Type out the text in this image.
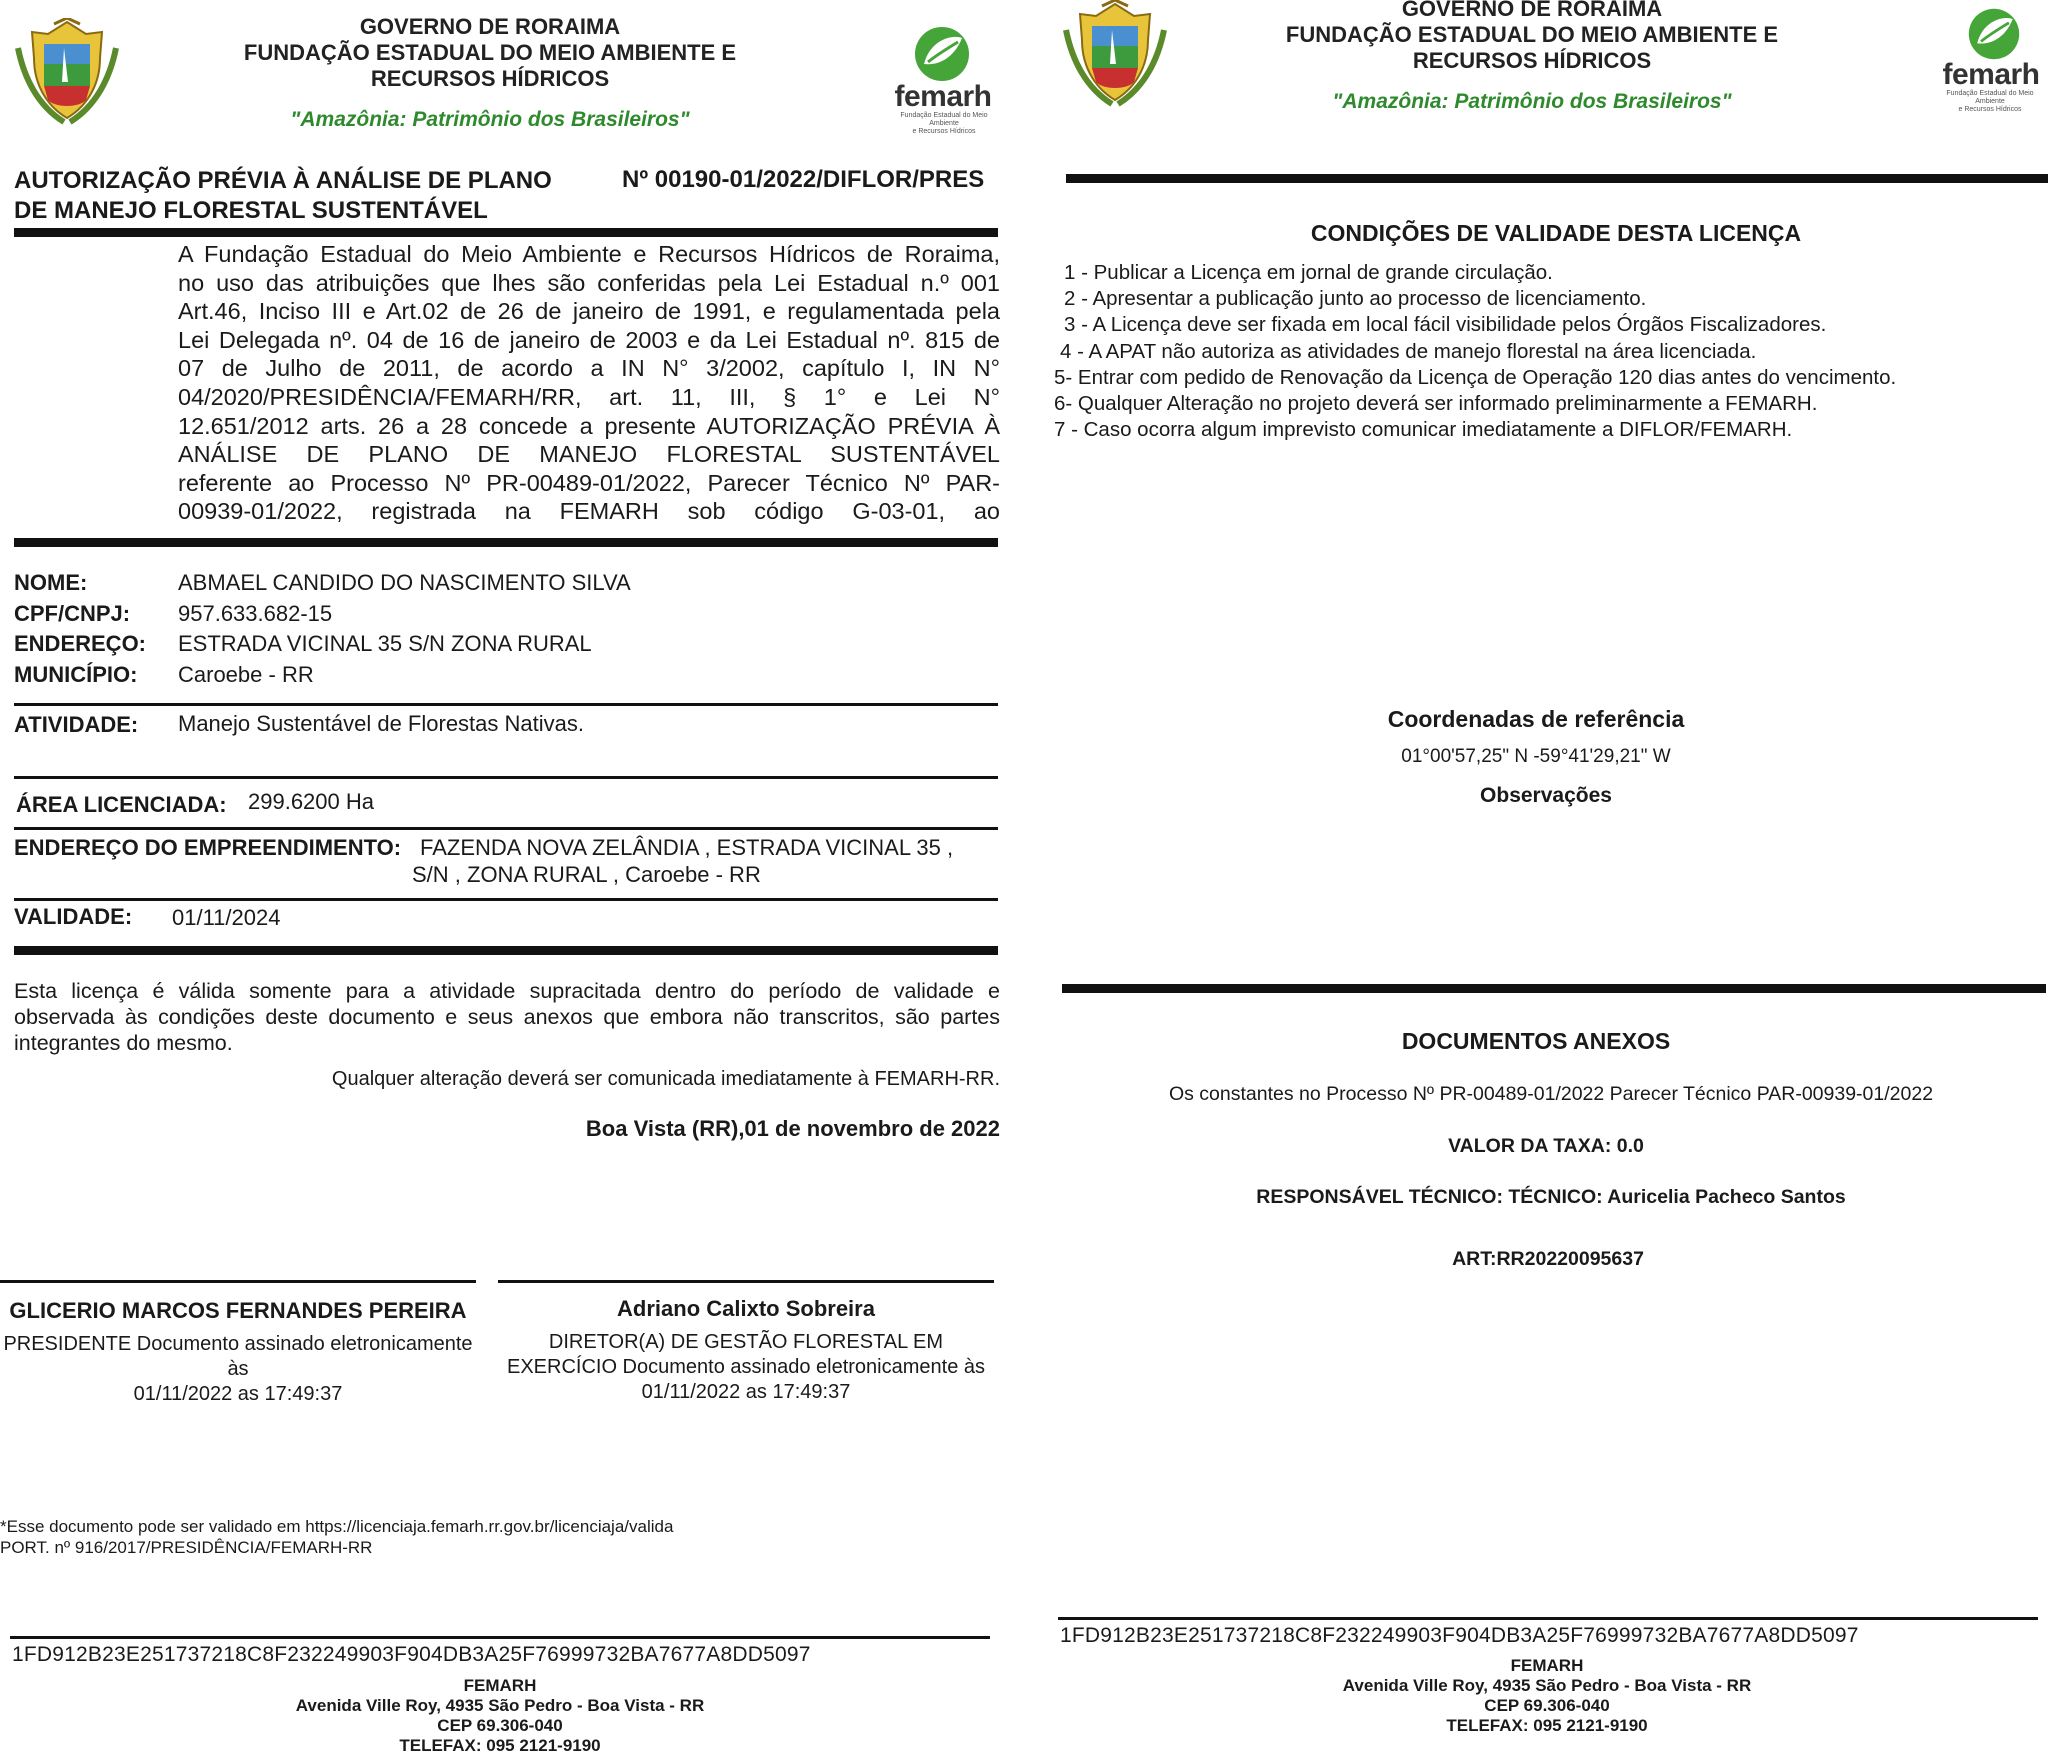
GOVERNO DE RORAIMA
FUNDAÇÃO ESTADUAL DO MEIO AMBIENTE E
RECURSOS HÍDRICOS
"Amazônia: Patrimônio dos Brasileiros"
femarh
Fundação Estadual do Meio Ambiente
e Recursos Hídricos
AUTORIZAÇÃO PRÉVIA À ANÁLISE DE PLANO
DE MANEJO FLORESTAL SUSTENTÁVEL
Nº 00190-01/2022/DIFLOR/PRES
A Fundação Estadual do Meio Ambiente e Recursos Hídricos de Roraima,
no uso das atribuições que lhes são conferidas pela Lei Estadual n.º 001
Art.46, Inciso III e Art.02 de 26 de janeiro de 1991, e regulamentada pela
Lei Delegada nº. 04 de 16 de janeiro de 2003 e da Lei Estadual nº. 815 de
07 de Julho de 2011, de acordo a IN N° 3/2002, capítulo I, IN N°
04/2020/PRESIDÊNCIA/FEMARH/RR, art. 11, III, § 1° e Lei N°
12.651/2012 arts. 26 a 28 concede a presente AUTORIZAÇÃO PRÉVIA À
ANÁLISE DE PLANO DE MANEJO FLORESTAL SUSTENTÁVEL
referente ao Processo Nº PR-00489-01/2022, Parecer Técnico Nº PAR-
00939-01/2022, registrada na FEMARH sob código G-03-01, ao
NOME:	ABMAEL CANDIDO DO NASCIMENTO SILVA
CPF/CNPJ: 957.633.682-15
ENDEREÇO: ESTRADA VICINAL 35 S/N ZONA RURAL
MUNICÍPIO: Caroebe - RR
ATIVIDADE: Manejo Sustentável de Florestas Nativas.
ÁREA LICENCIADA: 299.6200 Ha
ENDEREÇO DO EMPREENDIMENTO: FAZENDA NOVA ZELÂNDIA , ESTRADA VICINAL 35 ,
S/N , ZONA RURAL , Caroebe - RR
VALIDADE: 01/11/2024
Esta licença é válida somente para a atividade supracitada dentro do período de validade e
observada às condições deste documento e seus anexos que embora não transcritos, são partes
integrantes do mesmo.
Qualquer alteração deverá ser comunicada imediatamente à FEMARH-RR.
Boa Vista (RR),01 de novembro de 2022
GLICERIO MARCOS FERNANDES PEREIRA
PRESIDENTE Documento assinado eletronicamente
às
01/11/2022 as 17:49:37
Adriano Calixto Sobreira
DIRETOR(A) DE GESTÃO FLORESTAL EM
EXERCÍCIO Documento assinado eletronicamente às
01/11/2022 as 17:49:37
*Esse documento pode ser validado em https://licenciaja.femarh.rr.gov.br/licenciaja/valida
PORT. nº 916/2017/PRESIDÊNCIA/FEMARH-RR
1FD912B23E251737218C8F232249903F904DB3A25F76999732BA7677A8DD5097
FEMARH
Avenida Ville Roy, 4935 São Pedro - Boa Vista - RR
CEP 69.306-040
TELEFAX: 095 2121-9190
GOVERNO DE RORAIMA
FUNDAÇÃO ESTADUAL DO MEIO AMBIENTE E
RECURSOS HÍDRICOS
"Amazônia: Patrimônio dos Brasileiros"
femarh
Fundação Estadual do Meio Ambiente
e Recursos Hídricos
CONDIÇÕES DE VALIDADE DESTA LICENÇA
1 - Publicar a Licença em jornal de grande circulação.
2 - Apresentar a publicação junto ao processo de licenciamento.
3 - A Licença deve ser fixada em local fácil visibilidade pelos Órgãos Fiscalizadores.
4 - A APAT não autoriza as atividades de manejo florestal na área licenciada.
5- Entrar com pedido de Renovação da Licença de Operação 120 dias antes do vencimento.
6- Qualquer Alteração no projeto deverá ser informado preliminarmente a FEMARH.
7 - Caso ocorra algum imprevisto comunicar imediatamente a DIFLOR/FEMARH.
Coordenadas de referência
01°00'57,25" N -59°41'29,21" W
Observações
DOCUMENTOS ANEXOS
Os constantes no Processo Nº PR-00489-01/2022 Parecer Técnico PAR-00939-01/2022
VALOR DA TAXA: 0.0
RESPONSÁVEL TÉCNICO: TÉCNICO: Auricelia Pacheco Santos
ART:RR20220095637
1FD912B23E251737218C8F232249903F904DB3A25F76999732BA7677A8DD5097
FEMARH
Avenida Ville Roy, 4935 São Pedro - Boa Vista - RR
CEP 69.306-040
TELEFAX: 095 2121-9190
